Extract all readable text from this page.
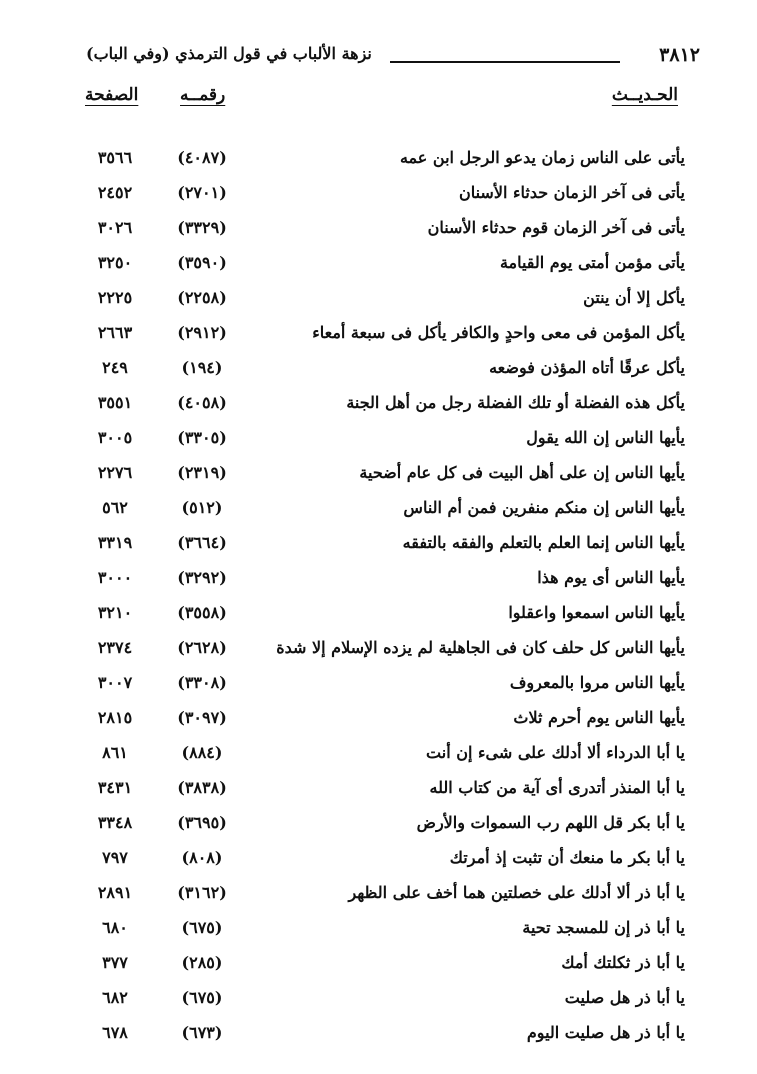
٣٨١٢
نزهة الألباب في قول الترمذي (وفي الباب)
الحـديــث
رقمــه
الصفحة
يأتى على الناس زمان يدعو الرجل ابن عمه
(٤٠٨٧)
٣٥٦٦
يأتى فى آخر الزمان حدثاء الأسنان
(٢٧٠١)
٢٤٥٢
يأتى فى آخر الزمان قوم حدثاء الأسنان
(٣٣٢٩)
٣٠٢٦
يأتى مؤمن أمتى يوم القيامة
(٣٥٩٠)
٣٢٥٠
يأكل إلا أن ينتن
(٢٢٥٨)
٢٢٢٥
يأكل المؤمن فى معى واحدٍ والكافر يأكل فى سبعة أمعاء
(٢٩١٢)
٢٦٦٣
يأكل عرقًا أتاه المؤذن فوضعه
(١٩٤)
٢٤٩
يأكل هذه الفضلة أو تلك الفضلة رجل من أهل الجنة
(٤٠٥٨)
٣٥٥١
يأيها الناس إن الله يقول
(٣٣٠٥)
٣٠٠٥
يأيها الناس إن على أهل البيت فى كل عام أضحية
(٢٣١٩)
٢٢٧٦
يأيها الناس إن منكم منفرين فمن أم الناس
(٥١٢)
٥٦٢
يأيها الناس إنما العلم بالتعلم والفقه بالتفقه
(٣٦٦٤)
٣٣١٩
يأيها الناس أى يوم هذا
(٣٢٩٢)
٣٠٠٠
يأيها الناس اسمعوا واعقلوا
(٣٥٥٨)
٣٢١٠
يأيها الناس كل حلف كان فى الجاهلية لم يزده الإسلام إلا شدة
(٢٦٢٨)
٢٣٧٤
يأيها الناس مروا بالمعروف
(٣٣٠٨)
٣٠٠٧
يأيها الناس يوم أحرم ثلاث
(٣٠٩٧)
٢٨١٥
يا أبا الدرداء ألا أدلك على شىء إن أنت
(٨٨٤)
٨٦١
يا أبا المنذر أتدرى أى آية من كتاب الله
(٣٨٣٨)
٣٤٣١
يا أبا بكر قل اللهم رب السموات والأرض
(٣٦٩٥)
٣٣٤٨
يا أبا بكر ما منعك أن تثبت إذ أمرتك
(٨٠٨)
٧٩٧
يا أبا ذر ألا أدلك على خصلتين هما أخف على الظهر
(٣١٦٢)
٢٨٩١
يا أبا ذر إن للمسجد تحية
(٦٧٥)
٦٨٠
يا أبا ذر ثكلتك أمك
(٢٨٥)
٣٧٧
يا أبا ذر هل صليت
(٦٧٥)
٦٨٢
يا أبا ذر هل صليت اليوم
(٦٧٣)
٦٧٨
